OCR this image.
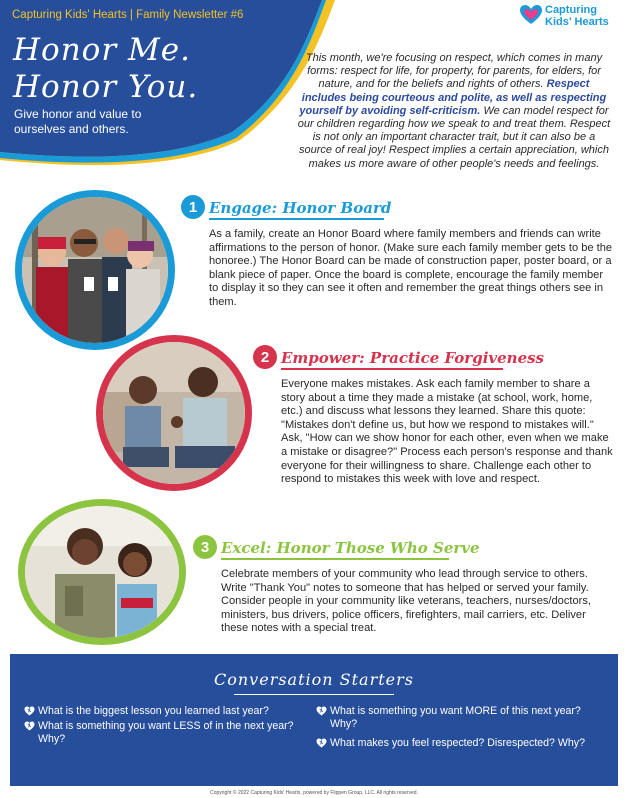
Capturing Kids' Hearts | Family Newsletter #6
Honor Me.
Honor You.
Give honor and value to ourselves and others.
Capturing
Kids' Hearts
This month, we're focusing on respect, which comes in many forms: respect for life, for property, for parents, for elders, for nature, and for the beliefs and rights of others. Respect includes being courteous and polite, as well as respecting yourself by avoiding self-criticism. We can model respect for our children regarding how we speak to and treat them. Respect is not only an important character trait, but it can also be a source of real joy! Respect implies a certain appreciation, which makes us more aware of other people's needs and feelings.
1 Engage: Honor Board
As a family, create an Honor Board where family members and friends can write affirmations to the person of honor. (Make sure each family member gets to be the honoree.) The Honor Board can be made of construction paper, poster board, or a blank piece of paper. Once the board is complete, encourage the family member to display it so they can see it often and remember the great things others see in them.
2 Empower: Practice Forgiveness
Everyone makes mistakes. Ask each family member to share a story about a time they made a mistake (at school, work, home, etc.) and discuss what lessons they learned. Share this quote: "Mistakes don't define us, but how we respond to mistakes will." Ask, "How can we show honor for each other, even when we make a mistake or disagree?" Process each person's response and thank everyone for their willingness to share. Challenge each other to respond to mistakes this week with love and respect.
3 Excel: Honor Those Who Serve
Celebrate members of your community who lead through service to others. Write "Thank You" notes to someone that has helped or served your family. Consider people in your community like veterans, teachers, nurses/doctors, ministers, bus drivers, police officers, firefighters, mail carriers, etc. Deliver these notes with a special treat.
Conversation Starters
What is the biggest lesson you learned last year?
What is something you want LESS of in the next year? Why?
What is something you want MORE of this next year? Why?
What makes you feel respected? Disrespected? Why?
Copyright © 2022 Capturing Kids' Hearts, powered by Flippen Group, LLC. All rights reserved.
